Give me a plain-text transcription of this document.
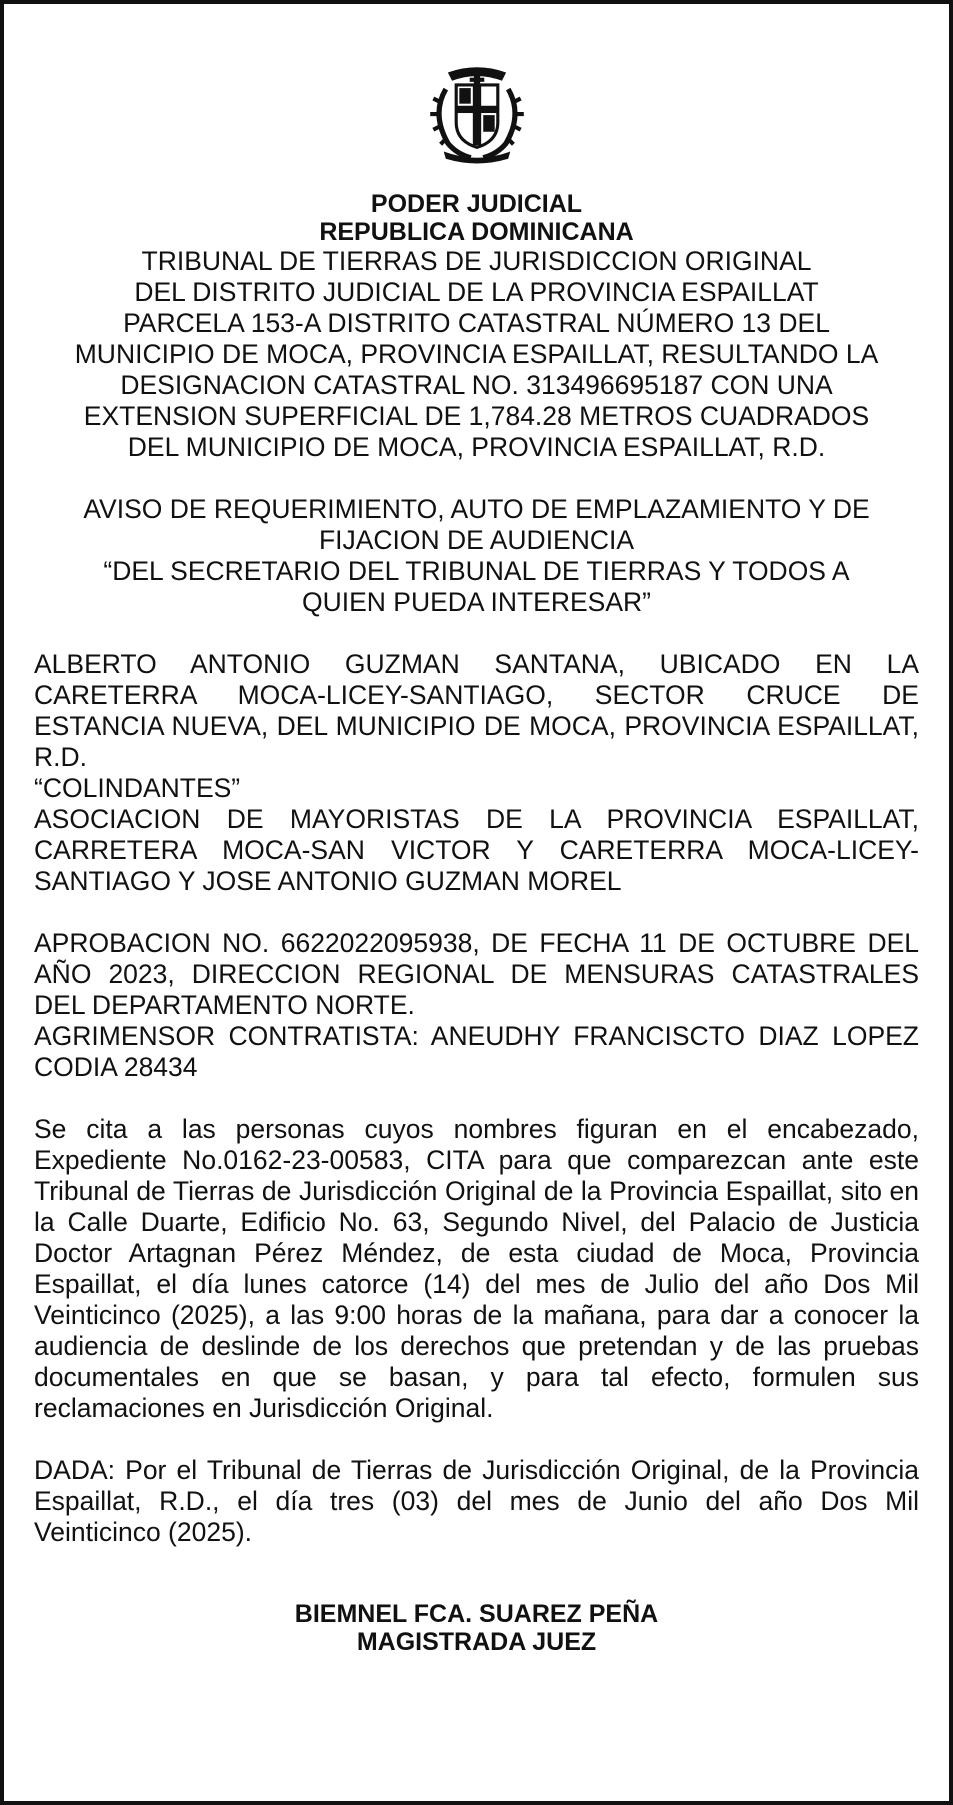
PODER JUDICIAL
REPUBLICA DOMINICANA
TRIBUNAL DE TIERRAS DE JURISDICCION ORIGINAL
DEL DISTRITO JUDICIAL DE LA PROVINCIA ESPAILLAT
PARCELA 153-A DISTRITO CATASTRAL NÚMERO 13 DEL
MUNICIPIO DE MOCA, PROVINCIA ESPAILLAT, RESULTANDO LA
DESIGNACION CATASTRAL NO. 313496695187 CON UNA
EXTENSION SUPERFICIAL DE 1,784.28 METROS CUADRADOS
DEL MUNICIPIO DE MOCA, PROVINCIA ESPAILLAT, R.D.
AVISO DE REQUERIMIENTO, AUTO DE EMPLAZAMIENTO Y DE
FIJACION DE AUDIENCIA
“DEL SECRETARIO DEL TRIBUNAL DE TIERRAS Y TODOS A
QUIEN PUEDA INTERESAR”

ALBERTO ANTONIO GUZMAN SANTANA, UBICADO EN LA CARETERRA MOCA-LICEY-SANTIAGO, SECTOR CRUCE DE ESTANCIA NUEVA, DEL MUNICIPIO DE MOCA, PROVINCIA ESPAILLAT, R.D.

“COLINDANTES”

ASOCIACION DE MAYORISTAS DE LA PROVINCIA ESPAILLAT, CARRETERA MOCA-SAN VICTOR Y CARETERRA MOCA-LICEY-SANTIAGO Y JOSE ANTONIO GUZMAN MOREL

APROBACION NO. 6622022095938, DE FECHA 11 DE OCTUBRE DEL AÑO 2023, DIRECCION REGIONAL DE MENSURAS CATASTRALES DEL DEPARTAMENTO NORTE.

AGRIMENSOR CONTRATISTA: ANEUDHY FRANCISCTO DIAZ LOPEZ CODIA 28434

Se cita a las personas cuyos nombres figuran en el encabezado, Expediente No.0162-23-00583, CITA para que comparezcan ante este Tribunal de Tierras de Jurisdicción Original de la Provincia Espaillat, sito en la Calle Duarte, Edificio No. 63, Segundo Nivel, del Palacio de Justicia Doctor Artagnan Pérez Méndez, de esta ciudad de Moca, Provincia Espaillat, el día lunes catorce (14) del mes de Julio del año Dos Mil Veinticinco (2025), a las 9:00 horas de la mañana, para dar a conocer la audiencia de deslinde de los derechos que pretendan y de las pruebas documentales en que se basan, y para tal efecto, formulen sus reclamaciones en Jurisdicción Original.

DADA: Por el Tribunal de Tierras de Jurisdicción Original, de la Provincia Espaillat, R.D., el día tres (03) del mes de Junio del año Dos Mil Veinticinco (2025).

BIEMNEL FCA. SUAREZ PEÑA
MAGISTRADA JUEZ
